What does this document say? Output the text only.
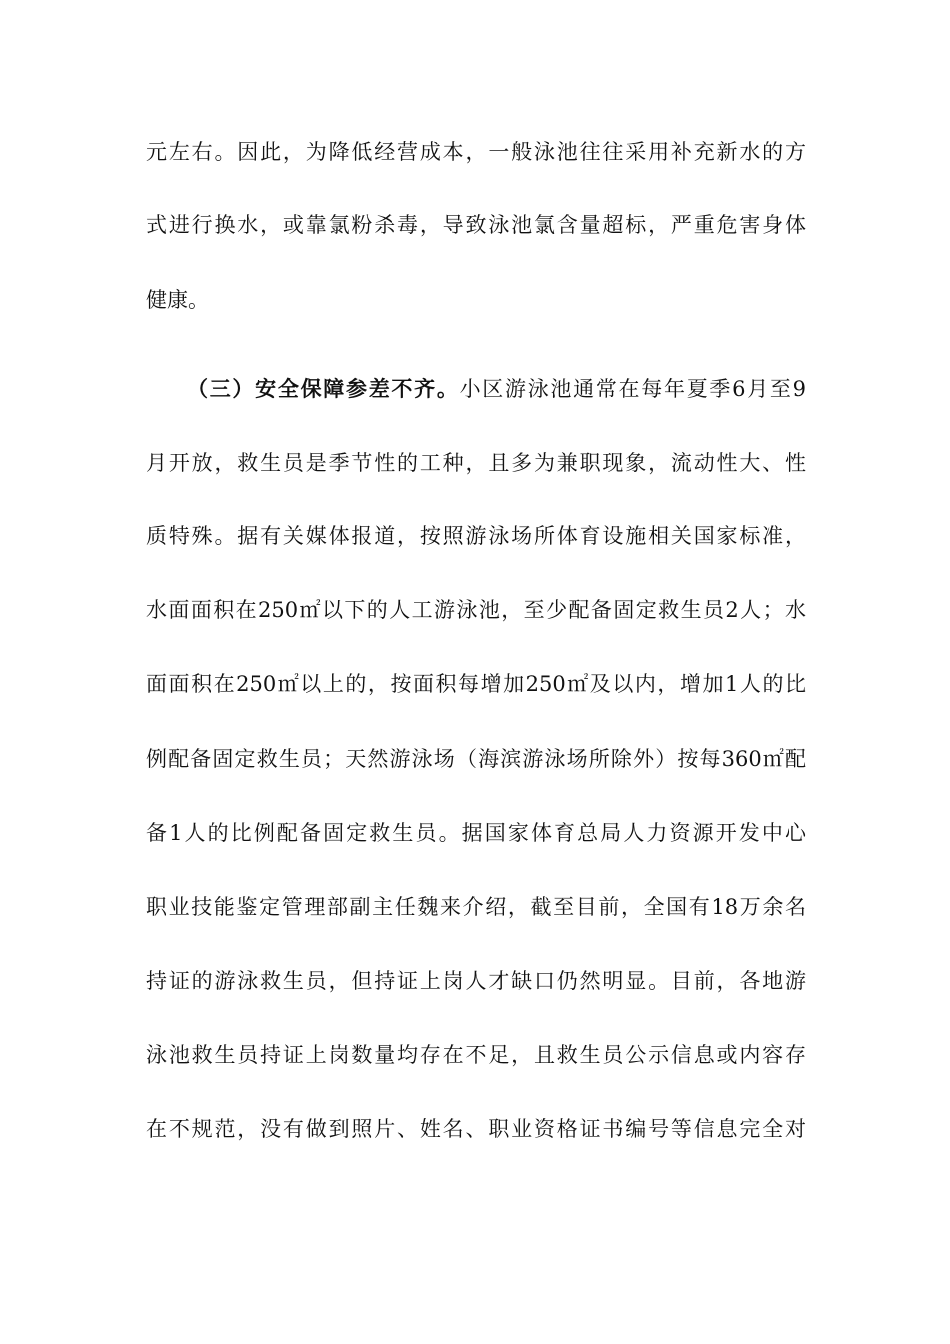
元左右。因此，为降低经营成本，一般泳池往往采用补充新水的方
式进行换水，或靠氯粉杀毒，导致泳池氯含量超标，严重危害身体
健康。
（三）安全保障参差不齐。小区游泳池通常在每年夏季6月至9
月开放，救生员是季节性的工种，且多为兼职现象，流动性大、性
质特殊。据有关媒体报道，按照游泳场所体育设施相关国家标准，
水面面积在250㎡以下的人工游泳池，至少配备固定救生员2人；水
面面积在250㎡以上的，按面积每增加250㎡及以内，增加1人的比
例配备固定救生员；天然游泳场（海滨游泳场所除外）按每360㎡配
备1人的比例配备固定救生员。据国家体育总局人力资源开发中心
职业技能鉴定管理部副主任魏来介绍，截至目前，全国有18万余名
持证的游泳救生员，但持证上岗人才缺口仍然明显。目前，各地游
泳池救生员持证上岗数量均存在不足，且救生员公示信息或内容存
在不规范，没有做到照片、姓名、职业资格证书编号等信息完全对
